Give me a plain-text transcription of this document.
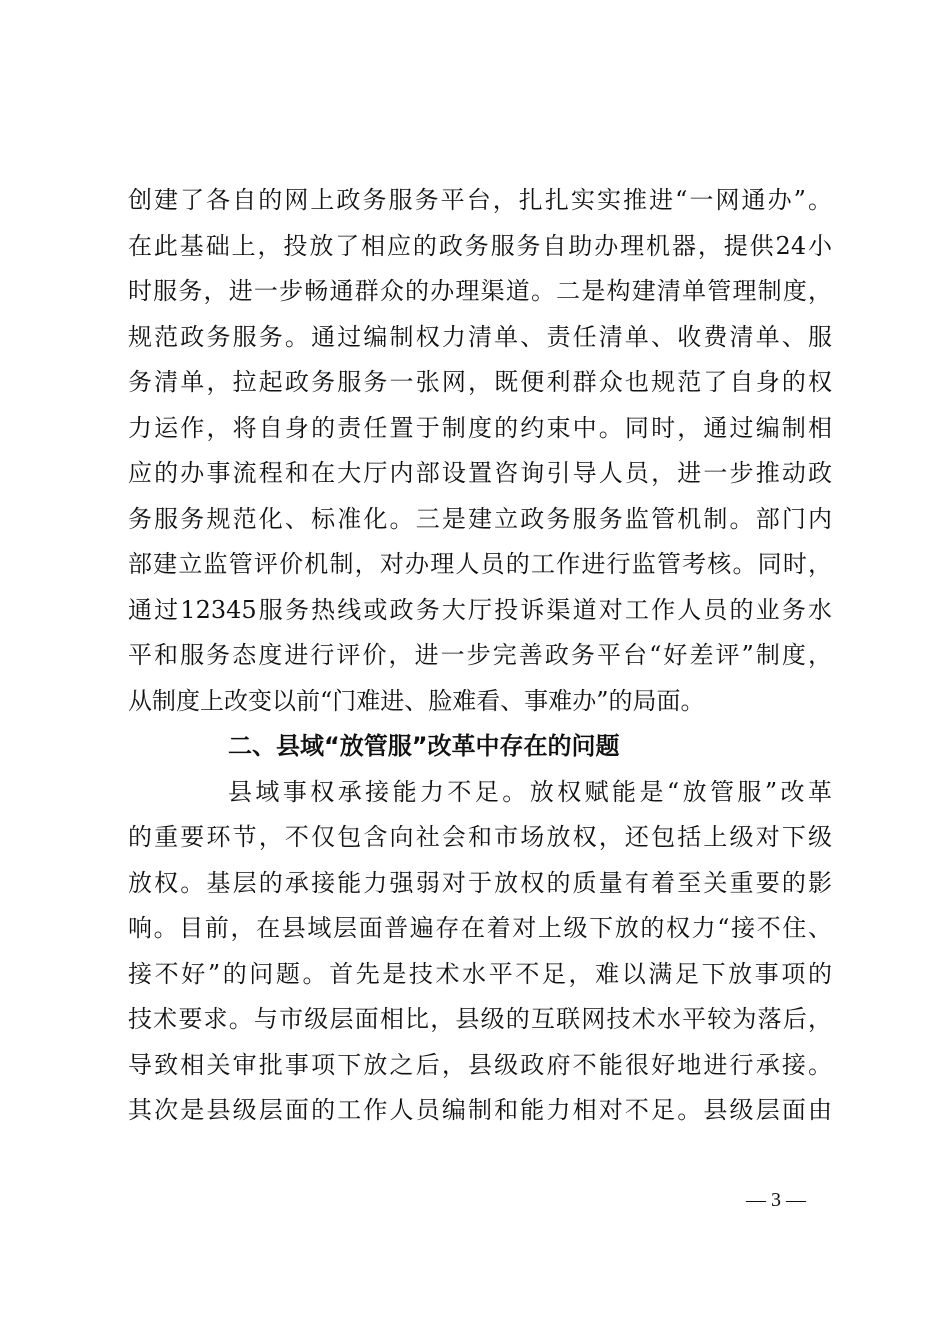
创建了各自的网上政务服务平台，扎扎实实推进“一网通办”。
在此基础上，投放了相应的政务服务自助办理机器，提供24小
时服务，进一步畅通群众的办理渠道。二是构建清单管理制度，
规范政务服务。通过编制权力清单、责任清单、收费清单、服
务清单，拉起政务服务一张网，既便利群众也规范了自身的权
力运作，将自身的责任置于制度的约束中。同时，通过编制相
应的办事流程和在大厅内部设置咨询引导人员，进一步推动政
务服务规范化、标准化。三是建立政务服务监管机制。部门内
部建立监管评价机制，对办理人员的工作进行监管考核。同时，
通过12345服务热线或政务大厅投诉渠道对工作人员的业务水
平和服务态度进行评价，进一步完善政务平台“好差评”制度，
从制度上改变以前“门难进、脸难看、事难办”的局面。
二、县域“放管服”改革中存在的问题
县域事权承接能力不足。放权赋能是“放管服”改革
的重要环节，不仅包含向社会和市场放权，还包括上级对下级
放权。基层的承接能力强弱对于放权的质量有着至关重要的影
响。目前，在县域层面普遍存在着对上级下放的权力“接不住、
接不好”的问题。首先是技术水平不足，难以满足下放事项的
技术要求。与市级层面相比，县级的互联网技术水平较为落后，
导致相关审批事项下放之后，县级政府不能很好地进行承接。
其次是县级层面的工作人员编制和能力相对不足。县级层面由
— 3 —
